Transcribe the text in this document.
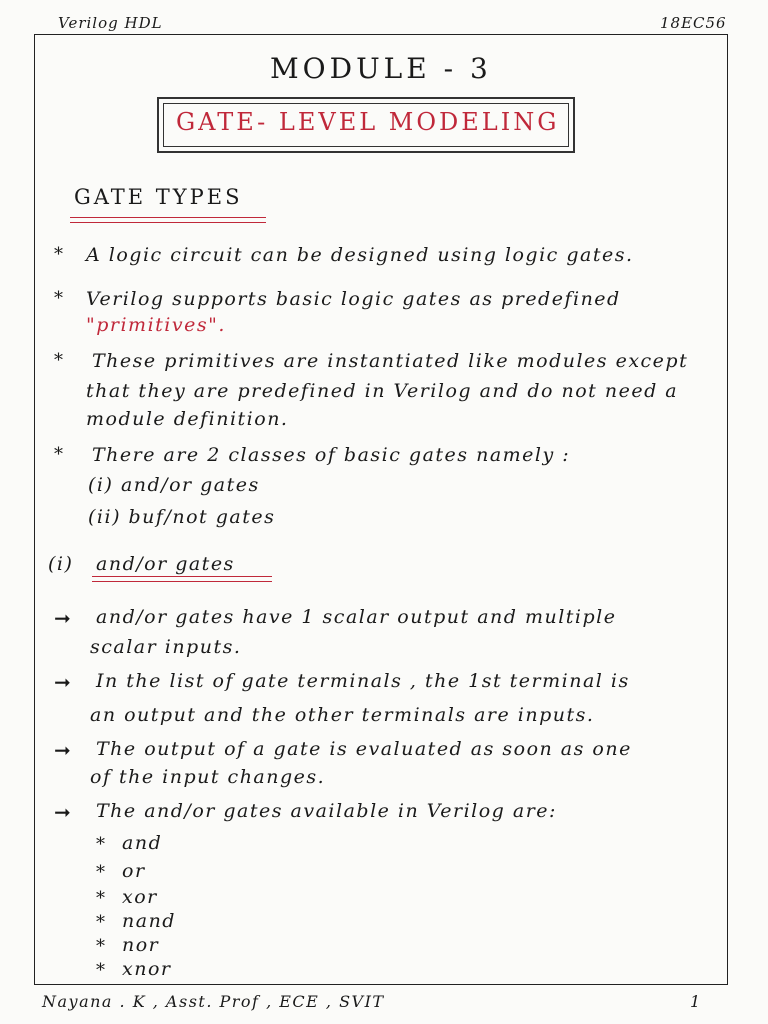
Verilog HDL	18EC56
MODULE - 3
GATE- LEVEL MODELING
GATE TYPES
* A logic circuit can be designed using logic gates.
* Verilog supports basic logic gates as predefined
"primitives".
* These primitives are instantiated like modules except
that they are predefined in Verilog and do not need a
module definition.
* There are 2 classes of basic gates namely :
(i) and/or gates
(ii) buf/not gates
(i) and/or gates
➞ and/or gates have 1 scalar output and multiple
scalar inputs.
➞ In the list of gate terminals , the 1st terminal is
an output and the other terminals are inputs.
➞ The output of a gate is evaluated as soon as one
of the input changes.
➞ The and/or gates available in Verilog are:
* and
* or
* xor
* nand
* nor
* xnor
Nayana . K , Asst. Prof , ECE , SVIT	1
